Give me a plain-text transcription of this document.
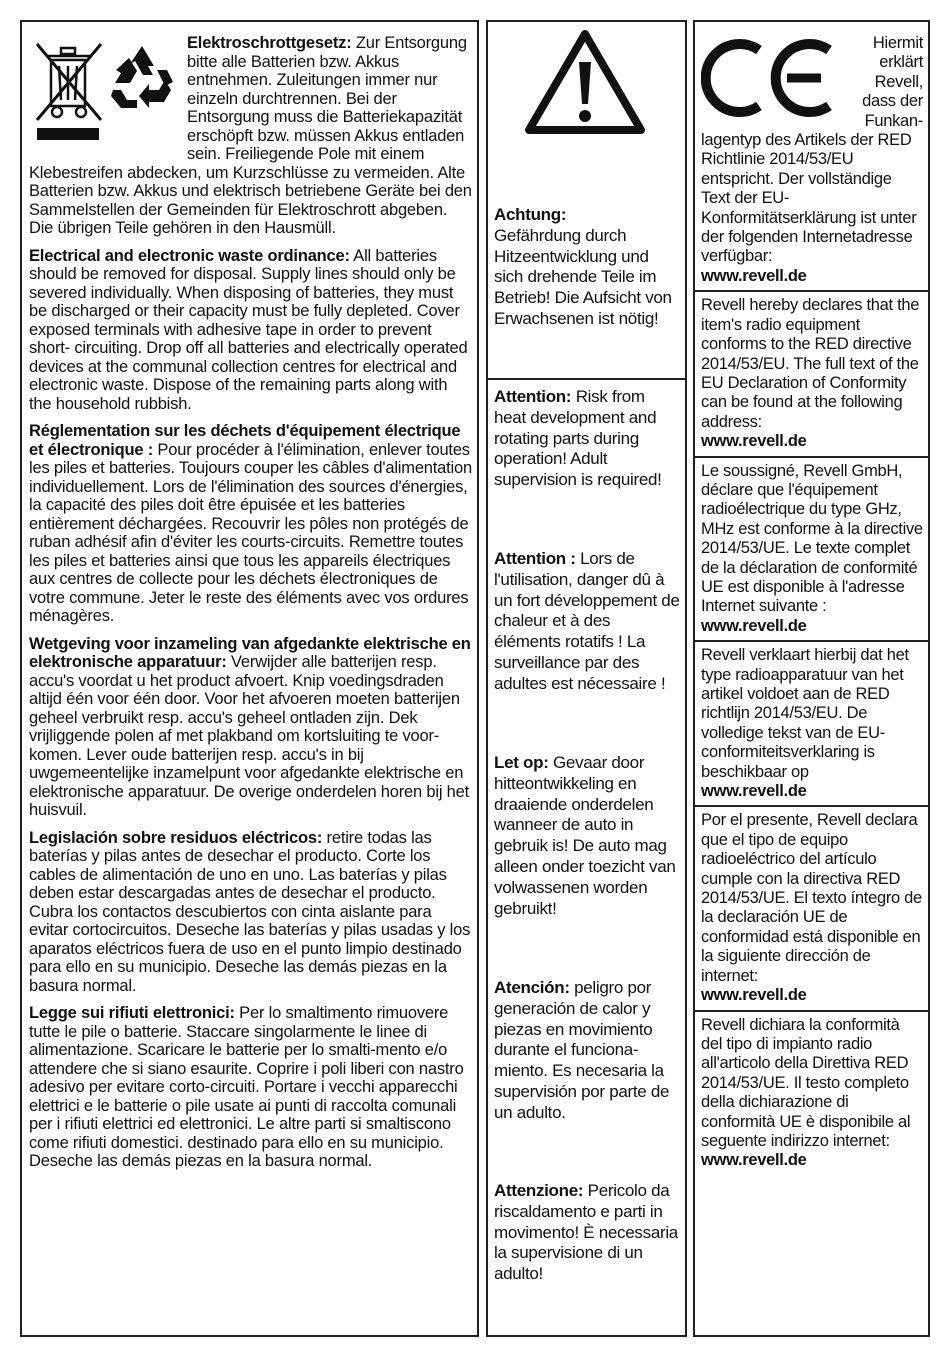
Elektroschrottgesetz: Zur Entsorgung bitte alle Batterien bzw. Akkus entnehmen. Zuleitungen immer nur einzeln durchtrennen. Bei der Entsorgung muss die Batteriekapazität erschöpft bzw. müssen Akkus entladen sein. Freiliegende Pole mit einem Klebestreifen abdecken, um Kurzschlüsse zu vermeiden. Alte Batterien bzw. Akkus und elektrisch betriebene Geräte bei den Sammelstellen der Gemeinden für Elektroschrott abgeben. Die übrigen Teile gehören in den Hausmüll.

Electrical and electronic waste ordinance: All batteries should be removed for disposal. Supply lines should only be severed individually. When disposing of batteries, they must be discharged or their capacity must be fully depleted. Cover exposed terminals with adhesive tape in order to prevent short- circuiting. Drop off all batteries and electrically operated devices at the communal collection centres for electrical and electronic waste. Dispose of the remaining parts along with the household rubbish.

Réglementation sur les déchets d'équipement électrique et électronique : Pour procéder à l'élimination, enlever toutes les piles et batteries. Toujours couper les câbles d'alimentation individuellement. Lors de l'élimination des sources d'énergies, la capacité des piles doit être épuisée et les batteries entièrement déchargées. Recouvrir les pôles non protégés de ruban adhésif afin d'éviter les courts-circuits. Remettre toutes les piles et batteries ainsi que tous les appareils électriques aux centres de collecte pour les déchets électroniques de votre commune. Jeter le reste des éléments avec vos ordures ménagères.

Wetgeving voor inzameling van afgedankte elektrische en elektronische apparatuur: Verwijder alle batterijen resp. accu's voordat u het product afvoert. Knip voedingsdraden altijd één voor één door. Voor het afvoeren moeten batterijen geheel verbruikt resp. accu's geheel ontladen zijn. Dek vrijliggende polen af met plakband om kortsluiting te voor-komen. Lever oude batterijen resp. accu's in bij uwgemeentelijke inzamelpunt voor afgedankte elektrische en elektronische apparatuur. De overige onderdelen horen bij het huisvuil.

Legislación sobre residuos eléctricos: retire todas las baterías y pilas antes de desechar el producto. Corte los cables de alimentación de uno en uno. Las baterías y pilas deben estar descargadas antes de desechar el producto. Cubra los contactos descubiertos con cinta aislante para evitar cortocircuitos. Deseche las baterías y pilas usadas y los aparatos eléctricos fuera de uso en el punto limpio destinado para ello en su municipio. Deseche las demás piezas en la basura normal.

Legge sui rifiuti elettronici: Per lo smaltimento rimuovere tutte le pile o batterie. Staccare singolarmente le linee di alimentazione. Scaricare le batterie per lo smalti-mento e/o attendere che si siano esaurite. Coprire i poli liberi con nastro adesivo per evitare corto-circuiti. Portare i vecchi apparecchi elettrici e le batterie o pile usate ai punti di raccolta comunali per i rifiuti elettrici ed elettronici. Le altre parti si smaltiscono come rifiuti domestici. destinado para ello en su municipio. Deseche las demás piezas en la basura normal.

Achtung:
Gefährdung durch Hitzeentwicklung und sich drehende Teile im Betrieb! Die Aufsicht von Erwachsenen ist nötig!
Attention: Risk from heat development and rotating parts during operation! Adult supervision is required!
Attention : Lors de l'utilisation, danger dû à un fort développement de chaleur et à des éléments rotatifs ! La surveillance par des adultes est nécessaire !
Let op: Gevaar door hitteontwikkeling en draaiende onderdelen wanneer de auto in gebruik is! De auto mag alleen onder toezicht van volwassenen worden gebruikt!
Atención: peligro por generación de calor y piezas en movimiento durante el funciona-miento. Es necesaria la supervisión por parte de un adulto.
Attenzione: Pericolo da riscaldamento e parti in movimento! È necessaria la supervisione di un adulto!
Hiermit erklärt Revell, dass der Funkan-
lagentyp des Artikels der RED Richtlinie 2014/53/EU entspricht. Der vollständige Text der EU-Konformitätserklärung ist unter der folgenden Internetadresse verfügbar:
www.revell.de
Revell hereby declares that the item's radio equipment conforms to the RED directive 2014/53/EU. The full text of the EU Declaration of Conformity can be found at the following address:
www.revell.de
Le soussigné, Revell GmbH, déclare que l'équipement radioélectrique du type GHz, MHz est conforme à la directive 2014/53/UE. Le texte complet de la déclaration de conformité UE est disponible à l'adresse Internet suivante :
www.revell.de
Revell verklaart hierbij dat het type radioapparatuur van het artikel voldoet aan de RED richtlijn 2014/53/EU. De volledige tekst van de EU-conformiteitsverklaring is beschikbaar op
www.revell.de
Por el presente, Revell declara que el tipo de equipo radioeléctrico del artículo cumple con la directiva RED 2014/53/UE. El texto íntegro de la declaración UE de conformidad está disponible en la siguiente dirección de internet:
www.revell.de
Revell dichiara la conformità del tipo di impianto radio all'articolo della Direttiva RED 2014/53/UE. Il testo completo della dichiarazione di conformità UE è disponibile al seguente indirizzo internet:
www.revell.de
